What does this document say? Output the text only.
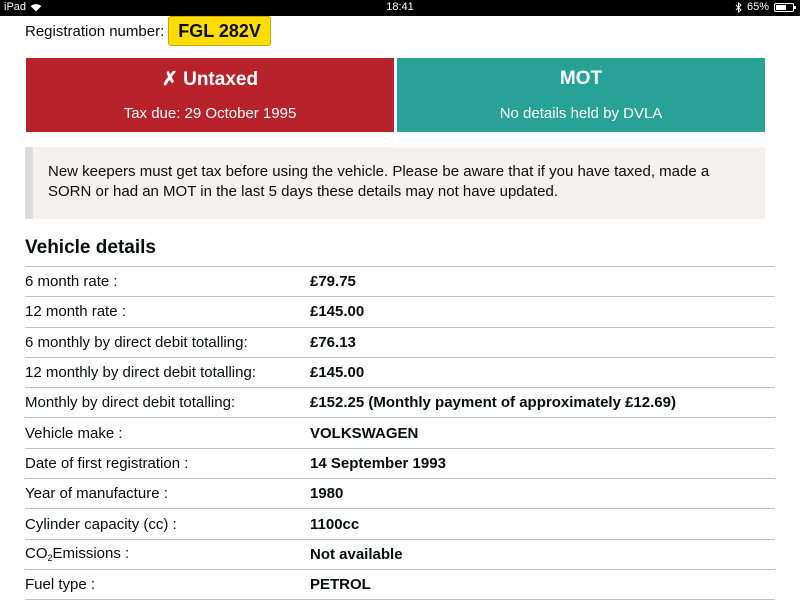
iPad	18:41	65%
Registration number: FGL 282V
✗ Untaxed
Tax due: 29 October 1995
MOT
No details held by DVLA
New keepers must get tax before using the vehicle. Please be aware that if you have taxed, made a SORN or had an MOT in the last 5 days these details may not have updated.
Vehicle details
6 month rate :	£79.75
12 month rate :	£145.00
6 monthly by direct debit totalling:	£76.13
12 monthly by direct debit totalling:	£145.00
Monthly by direct debit totalling:	£152.25 (Monthly payment of approximately £12.69)
Vehicle make :	VOLKSWAGEN
Date of first registration :	14 September 1993
Year of manufacture :	1980
Cylinder capacity (cc) :	1100cc
$CO_2Emissions$ :	Not available
Fuel type :	PETROL
